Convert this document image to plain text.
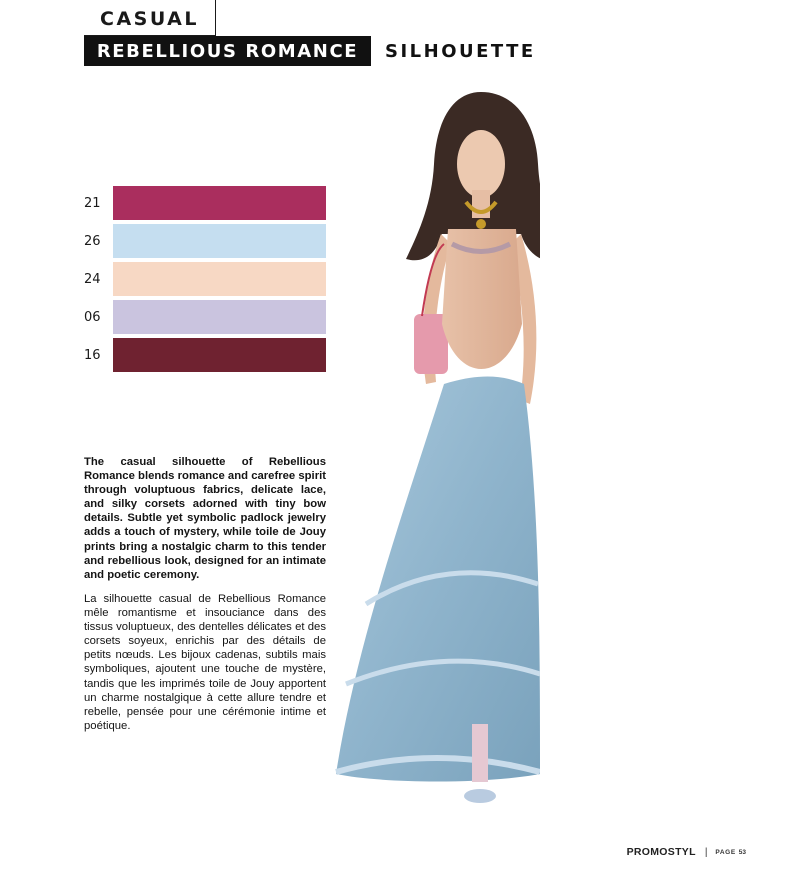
CASUAL
REBELLIOUS ROMANCE	SILHOUETTE
21
26
24
06
16

The casual silhouette of Rebellious Romance blends romance and carefree spirit through voluptuous fabrics, delicate lace, and silky corsets adorned with tiny bow details. Subtle yet symbolic padlock jewelry adds a touch of mystery, while toile de Jouy prints bring a nostalgic charm to this tender and rebellious look, designed for an intimate and poetic ceremony.

La silhouette casual de Rebellious Romance mêle romantisme et insouciance dans des tissus voluptueux, des dentelles délicates et des corsets soyeux, enrichis par des détails de petits nœuds. Les bijoux cadenas, subtils mais symboliques, ajoutent une touche de mystère, tandis que les imprimés toile de Jouy apportent un charme nostalgique à cette allure tendre et rebelle, pensée pour une cérémonie intime et poétique.

PROMO STYL | PAGE 53
